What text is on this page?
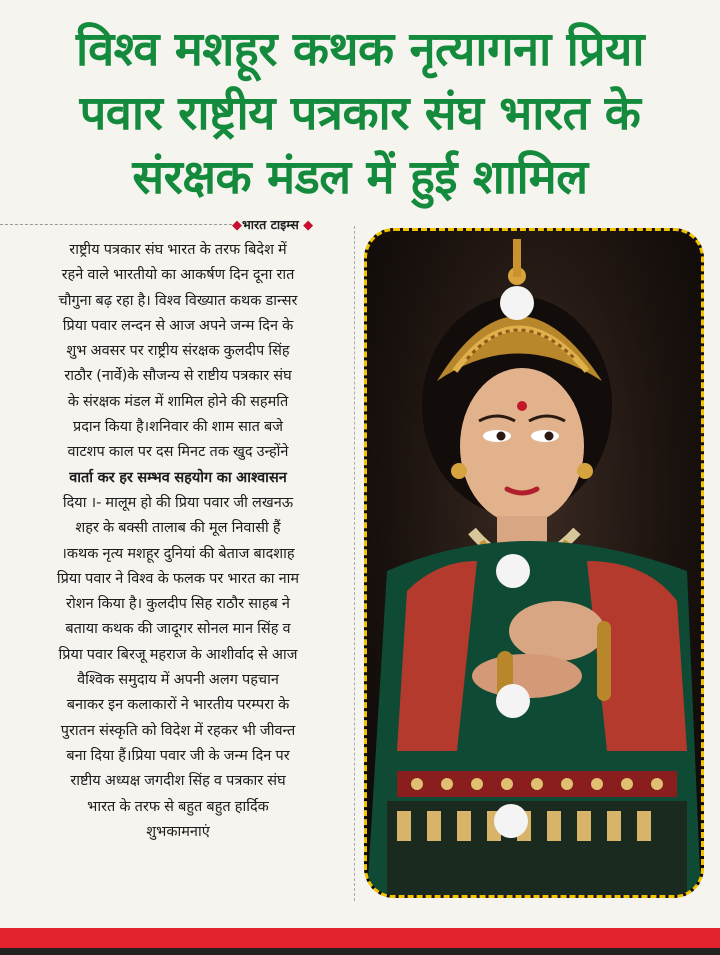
विश्व मशहूर कथक नृत्यागना प्रिया
पवार राष्ट्रीय पत्रकार संघ भारत के
संरक्षक मंडल में हुई शामिल
◆भारत टाइम्स ◆
राष्ट्रीय पत्रकार संघ भारत के तरफ बिदेश में
रहने वाले भारतीयो का आकर्षण दिन दूना रात
चौगुना बढ़ रहा है। विश्व विख्यात कथक डान्सर
प्रिया पवार लन्दन से आज अपने जन्म दिन के
शुभ अवसर पर राष्ट्रीय संरक्षक कुलदीप सिंह
राठौर (नार्वे)के सौजन्य से राष्टीय पत्रकार संघ
के संरक्षक मंडल में शामिल होने की सहमति
प्रदान किया है।शनिवार की शाम सात बजे
वाटशप काल पर दस मिनट तक खुद उन्होंने
वार्ता कर हर सम्भव सहयोग का आश्वासन
दिया ।- मालूम हो की प्रिया पवार जी लखनऊ
शहर के बक्सी तालाब की मूल निवासी हैं
।कथक नृत्य मशहूर दुनियां की बेताज बादशाह
प्रिया पवार ने विश्व के फलक पर भारत का नाम
रोशन किया है। कुलदीप सिह राठौर साहब ने
बताया कथक की जादूगर सोनल मान सिंह व
प्रिया पवार बिरजू महराज के आशीर्वाद से आज
वैश्विक समुदाय में अपनी अलग पहचान
बनाकर इन कलाकारों ने भारतीय परम्परा के
पुरातन संस्कृति को विदेश में रहकर भी जीवन्त
बना दिया हैं।प्रिया पवार जी के जन्म दिन पर
राष्टीय अध्यक्ष जगदीश सिंह व पत्रकार संघ
भारत के तरफ से बहुत बहुत हार्दिक
शुभकामनाएं
